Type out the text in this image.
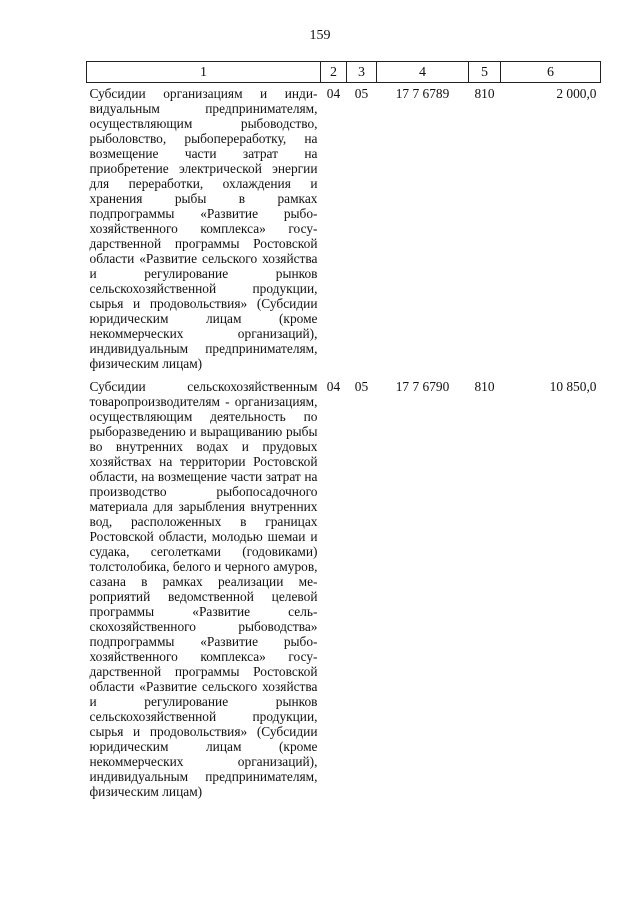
159
1	2	3	4	5	6
Субсидии организациям и индивидуальным предпринимателям, осуществляющим рыбоводство, рыболовство, рыбопереработку, на возмещение части затрат на приобретение электрической энергии для переработки, охлаждения и хранения рыбы в рамках подпрограммы «Развитие рыбохозяйственного комплекса» государственной программы Ростовской области «Развитие сельского хозяйства и регулирование рынков сельскохозяйственной продукции, сырья и продовольствия» (Субсидии юридическим лицам (кроме некоммерческих организаций), индивидуальным предпринимателям, физическим лицам)	04	05	17 7 6789	810	2 000,0
Субсидии сельскохозяйственным товаропроизводителям - организациям, осуществляющим деятельность по рыборазведению и выращиванию рыбы во внутренних водах и прудовых хозяйствах на территории Ростовской области, на возмещение части затрат на производство рыбопосадочного материала для зарыбления внутренних вод, расположенных в границах Ростовской области, молодью шемаи и судака, сеголетками (годовиками) толстолобика, белого и черного амуров, сазана в рамках реализации мероприятий ведомственной целевой программы «Развитие сельскохозяйственного рыбоводства» подпрограммы «Развитие рыбохозяйственного комплекса» государственной программы Ростовской области «Развитие сельского хозяйства и регулирование рынков сельскохозяйственной продукции, сырья и продовольствия» (Субсидии юридическим лицам (кроме некоммерческих организаций), индивидуальным предпринимателям, физическим лицам)	04	05	17 7 6790	810	10 850,0
